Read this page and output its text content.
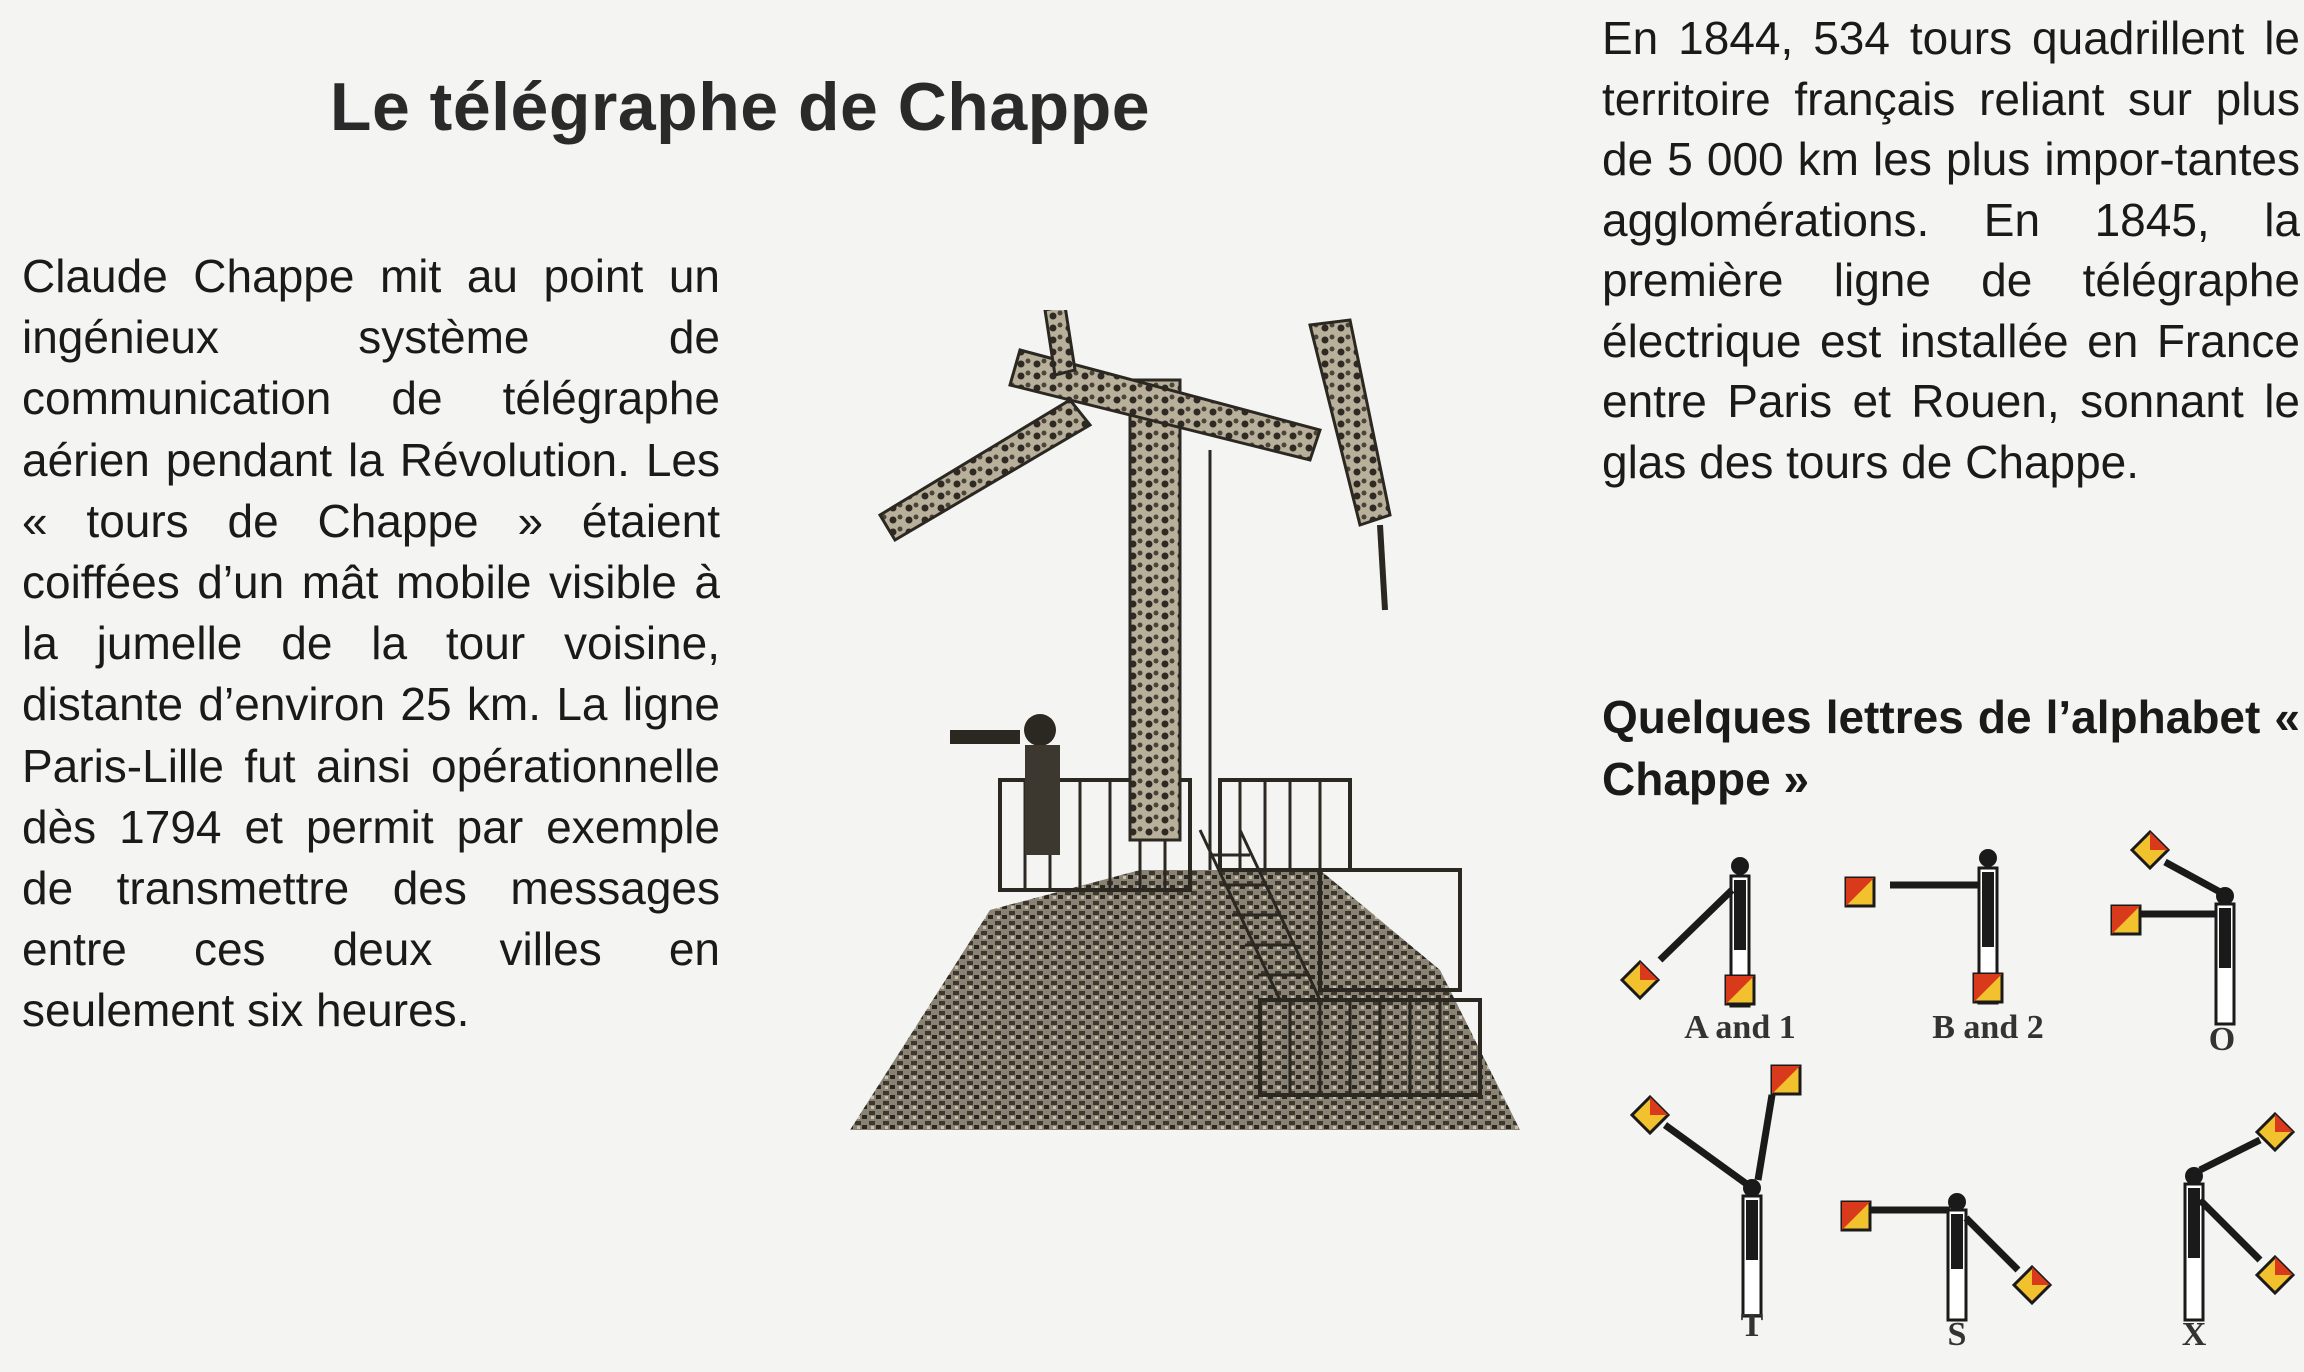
Le télégraphe de Chappe

Claude Chappe mit au point un ingénieux système de communication de télégraphe aérien pendant la Révolution. Les « tours de Chappe » étaient coiffées d’un mât mobile visible à la jumelle de la tour voisine, distante d’environ 25 km. La ligne Paris-Lille fut ainsi opérationnelle dès 1794 et permit par exemple de transmettre des messages entre ces deux villes en seulement six heures.

En 1844, 534 tours quadrillent le territoire français reliant sur plus de 5 000 km les plus impor-tantes agglomérations. En 1845, la première ligne de télégraphe électrique est installée en France entre Paris et Rouen, sonnant le glas des tours de Chappe.

Quelques lettres de l’alphabet « Chappe »

A and 1	B and 2	O
T	S	X
